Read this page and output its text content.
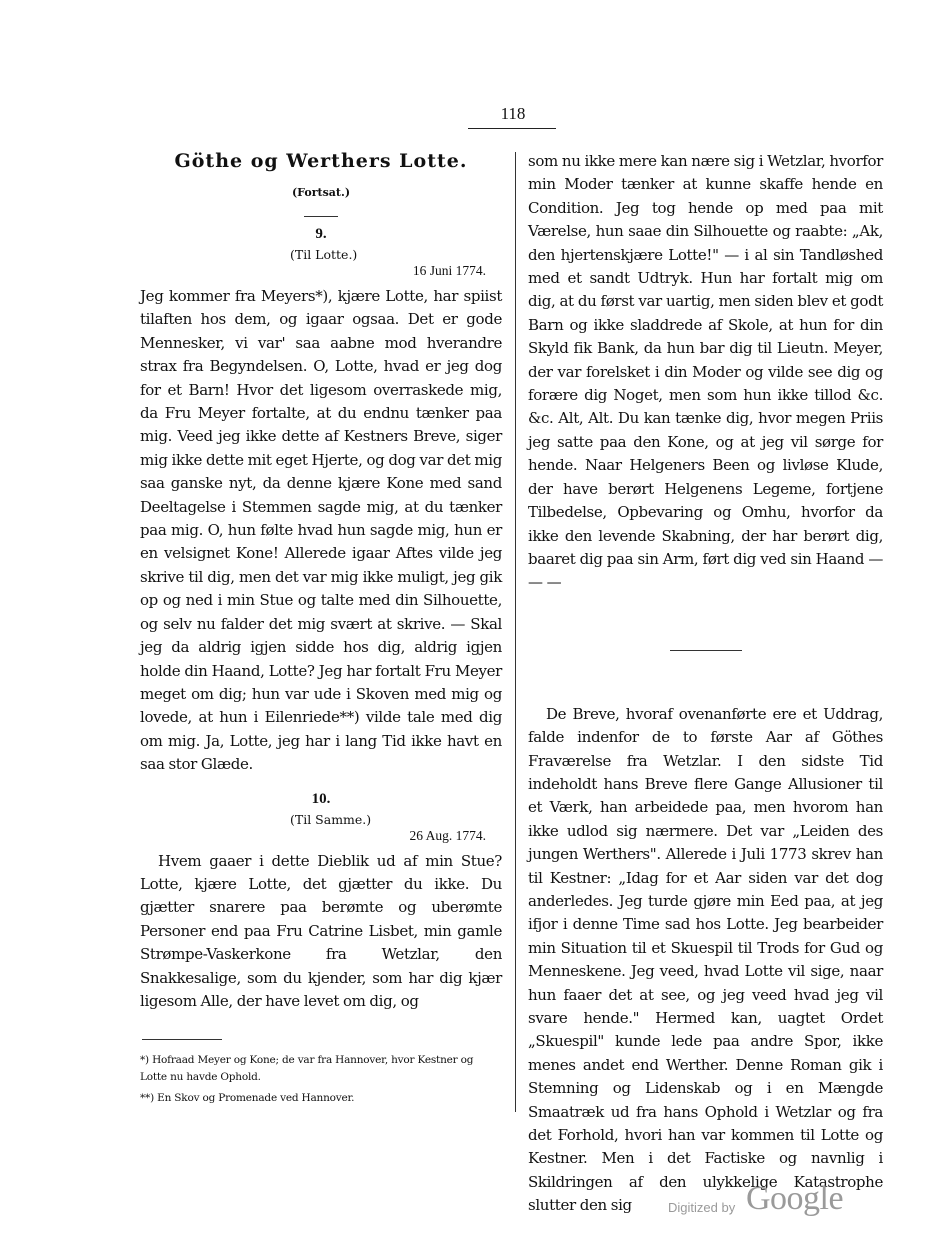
118
Göthe og Werthers Lotte.
(Fortsat.)
9.
(Til Lotte.)
16 Juni 1774.

Jeg kommer fra Meyers*), kjære Lotte, har spiist tilaften hos dem, og igaar ogsaa. Det er gode Mennesker, vi var' saa aabne mod hverandre strax fra Begyndelsen. O, Lotte, hvad er jeg dog for et Barn! Hvor det ligesom overraskede mig, da Fru Meyer fortalte, at du endnu tænker paa mig. Veed jeg ikke dette af Kestners Breve, siger mig ikke dette mit eget Hjerte, og dog var det mig saa ganske nyt, da denne kjære Kone med sand Deeltagelse i Stemmen sagde mig, at du tænker paa mig. O, hun følte hvad hun sagde mig, hun er en velsignet Kone! Allerede igaar Aftes vilde jeg skrive til dig, men det var mig ikke muligt, jeg gik op og ned i min Stue og talte med din Silhouette, og selv nu falder det mig svært at skrive. — Skal jeg da aldrig igjen sidde hos dig, aldrig igjen holde din Haand, Lotte? Jeg har fortalt Fru Meyer meget om dig; hun var ude i Skoven med mig og lovede, at hun i Eilenriede**) vilde tale med dig om mig. Ja, Lotte, jeg har i lang Tid ikke havt en saa stor Glæde.

10.
(Til Samme.)
26 Aug. 1774.

Hvem gaaer i dette Dieblik ud af min Stue? Lotte, kjære Lotte, det gjætter du ikke. Du gjætter snarere paa berømte og uberømte Personer end paa Fru Catrine Lisbet, min gamle Strømpe-Vaskerkone fra Wetzlar, den Snakkesalige, som du kjender, som har dig kjær ligesom Alle, der have levet om dig, og

*) Hofraad Meyer og Kone; de var fra Hannover, hvor Kestner og Lotte nu havde Ophold.

**) En Skov og Promenade ved Hannover.

som nu ikke mere kan nære sig i Wetzlar, hvorfor min Moder tænker at kunne skaffe hende en Condition. Jeg tog hende op med paa mit Værelse, hun saae din Silhouette og raabte: „Ak, den hjertenskjære Lotte!" — i al sin Tandløshed med et sandt Udtryk. Hun har fortalt mig om dig, at du først var uartig, men siden blev et godt Barn og ikke sladdrede af Skole, at hun for din Skyld fik Bank, da hun bar dig til Lieutn. Meyer, der var forelsket i din Moder og vilde see dig og forære dig Noget, men som hun ikke tillod &c. &c. Alt, Alt. Du kan tænke dig, hvor megen Priis jeg satte paa den Kone, og at jeg vil sørge for hende. Naar Helgeners Been og livløse Klude, der have berørt Helgenens Legeme, fortjene Tilbedelse, Opbevaring og Omhu, hvorfor da ikke den levende Skabning, der har berørt dig, baaret dig paa sin Arm, ført dig ved sin Haand — — —

De Breve, hvoraf ovenanførte ere et Uddrag, falde indenfor de to første Aar af Göthes Fraværelse fra Wetzlar. I den sidste Tid indeholdt hans Breve flere Gange Allusioner til et Værk, han arbeidede paa, men hvorom han ikke udlod sig nærmere. Det var „Leiden des jungen Werthers". Allerede i Juli 1773 skrev han til Kestner: „Idag for et Aar siden var det dog anderledes. Jeg turde gjøre min Eed paa, at jeg ifjor i denne Time sad hos Lotte. Jeg bearbeider min Situation til et Skuespil til Trods for Gud og Menneskene. Jeg veed, hvad Lotte vil sige, naar hun faaer det at see, og jeg veed hvad jeg vil svare hende." Hermed kan, uagtet Ordet „Skuespil" kunde lede paa andre Spor, ikke menes andet end Werther. Denne Roman gik i Stemning og Lidenskab og i en Mængde Smaatræk ud fra hans Ophold i Wetzlar og fra det Forhold, hvori han var kommen til Lotte og Kestner. Men i det Factiske og navnlig i Skildringen af den ulykkelige Katastrophe slutter den sig	Digitized by Google
